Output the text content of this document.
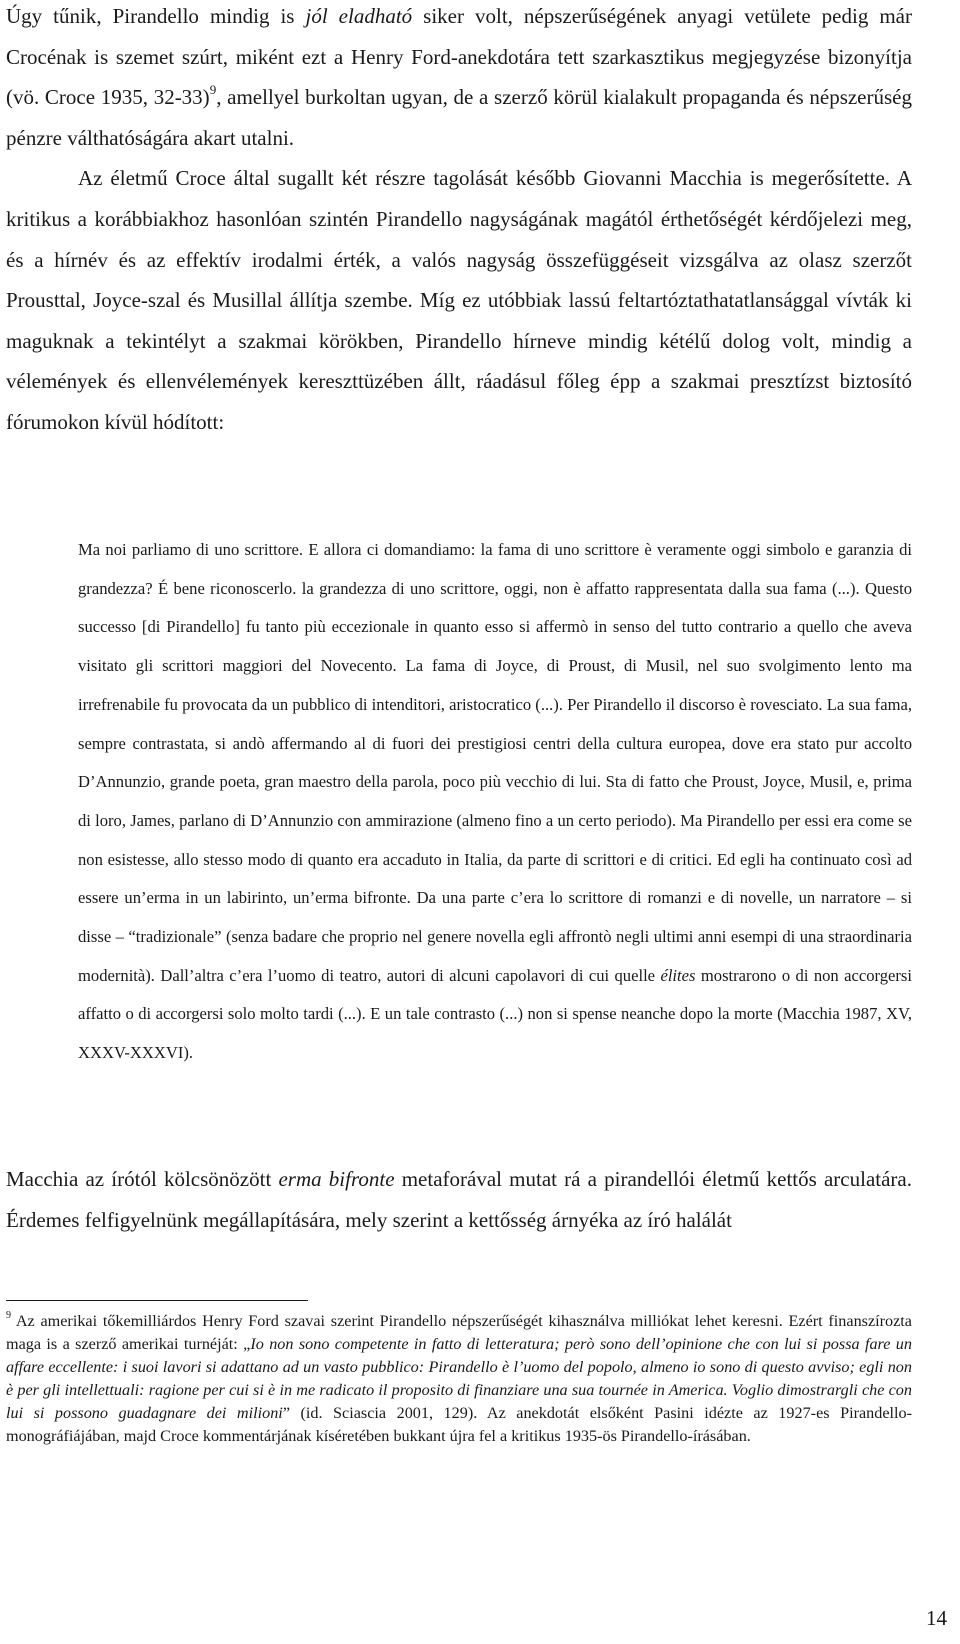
Úgy tűnik, Pirandello mindig is jól eladható siker volt, népszerűségének anyagi vetülete pedig már Crocénak is szemet szúrt, miként ezt a Henry Ford-anekdotára tett szarkasztikus megjegyzése bizonyítja (vö. Croce 1935, 32-33)$^9$, amellyel burkoltan ugyan, de a szerző körül kialakult propaganda és népszerűség pénzre válthatóságára akart utalni.

Az életmű Croce által sugallt két részre tagolását később Giovanni Macchia is megerősítette. A kritikus a korábbiakhoz hasonlóan szintén Pirandello nagyságának magától érthetőségét kérdőjelezi meg, és a hírnév és az effektív irodalmi érték, a valós nagyság összefüggéseit vizsgálva az olasz szerzőt Prousttal, Joyce-szal és Musillal állítja szembe. Míg ez utóbbiak lassú feltartóztathatatlansággal vívták ki maguknak a tekintélyt a szakmai körökben, Pirandello hírneve mindig kétélű dolog volt, mindig a vélemények és ellenvélemények kereszttüzében állt, ráadásul főleg épp a szakmai presztízst biztosító fórumokon kívül hódított:

Ma noi parliamo di uno scrittore. E allora ci domandiamo: la fama di uno scrittore è veramente oggi simbolo e garanzia di grandezza? É bene riconoscerlo. la grandezza di uno scrittore, oggi, non è affatto rappresentata dalla sua fama (...). Questo successo [di Pirandello] fu tanto più eccezionale in quanto esso si affermò in senso del tutto contrario a quello che aveva visitato gli scrittori maggiori del Novecento. La fama di Joyce, di Proust, di Musil, nel suo svolgimento lento ma irrefrenabile fu provocata da un pubblico di intenditori, aristocratico (...). Per Pirandello il discorso è rovesciato. La sua fama, sempre contrastata, si andò affermando al di fuori dei prestigiosi centri della cultura europea, dove era stato pur accolto D’Annunzio, grande poeta, gran maestro della parola, poco più vecchio di lui. Sta di fatto che Proust, Joyce, Musil, e, prima di loro, James, parlano di D’Annunzio con ammirazione (almeno fino a un certo periodo). Ma Pirandello per essi era come se non esistesse, allo stesso modo di quanto era accaduto in Italia, da parte di scrittori e di critici. Ed egli ha continuato così ad essere un’erma in un labirinto, un’erma bifronte. Da una parte c’era lo scrittore di romanzi e di novelle, un narratore – si disse – “tradizionale” (senza badare che proprio nel genere novella egli affrontò negli ultimi anni esempi di una straordinaria modernità). Dall’altra c’era l’uomo di teatro, autori di alcuni capolavori di cui quelle élites mostrarono o di non accorgersi affatto o di accorgersi solo molto tardi (...). E un tale contrasto (...) non si spense neanche dopo la morte (Macchia 1987, XV, XXXV-XXXVI).

Macchia az írótól kölcsönözött erma bifronte metaforával mutat rá a pirandellói életmű kettős arculatára. Érdemes felfigyelnünk megállapítására, mely szerint a kettősség árnyéka az író halálát

$^9$ Az amerikai tőkemilliárdos Henry Ford szavai szerint Pirandello népszerűségét kihasználva milliókat lehet keresni. Ezért finanszírozta maga is a szerző amerikai turnéját: „Io non sono competente in fatto di letteratura; però sono dell’opinione che con lui si possa fare un affare eccellente: i suoi lavori si adattano ad un vasto pubblico: Pirandello è l’uomo del popolo, almeno io sono di questo avviso; egli non è per gli intellettuali: ragione per cui si è in me radicato il proposito di finanziare una sua tournée in America. Voglio dimostrargli che con lui si possono guadagnare dei milioni” (id. Sciascia 2001, 129). Az anekdotát elsőként Pasini idézte az 1927-es Pirandello-monográfiájában, majd Croce kommentárjának kíséretében bukkant újra fel a kritikus 1935-ös Pirandello-írásában.

14
